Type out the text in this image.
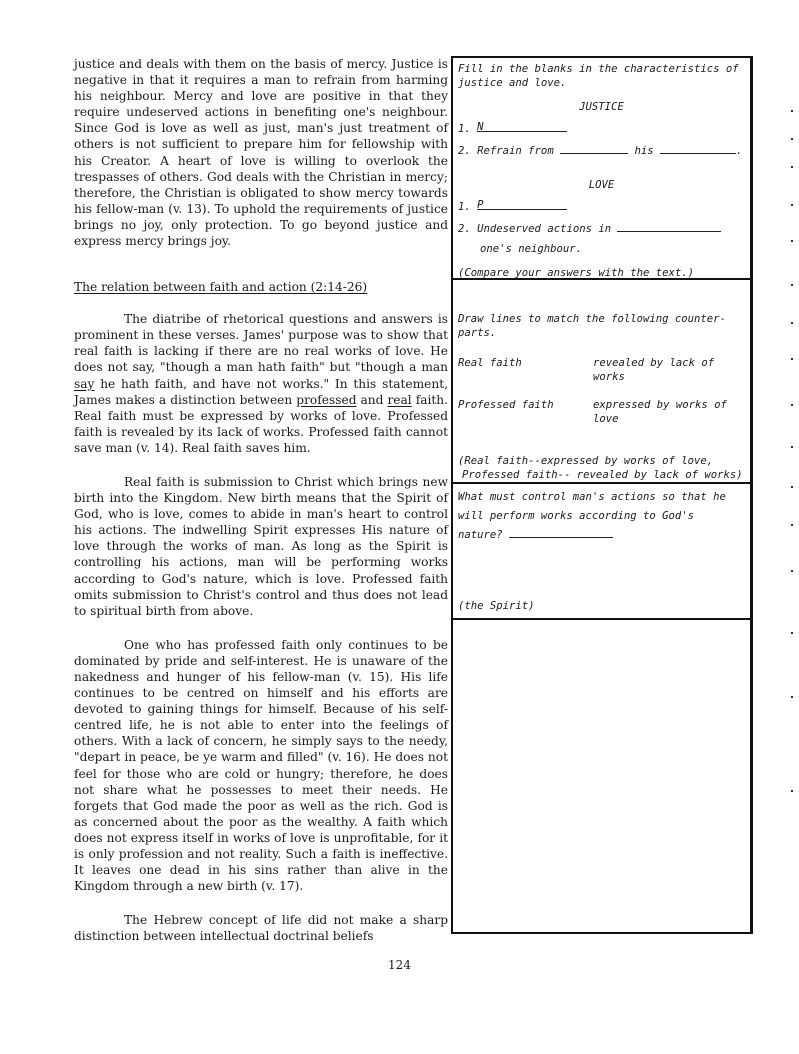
justice and deals with them on the basis of mercy. Justice is negative in that it requires a man to refrain from harming his neighbour. Mercy and love are positive in that they require undeserved actions in benefiting one's neighbour. Since God is love as well as just, man's just treatment of others is not sufficient to prepare him for fellowship with his Creator. A heart of love is willing to overlook the trespasses of others. God deals with the Christian in mercy; therefore, the Christian is obligated to show mercy towards his fellow-man (v. 13). To uphold the requirements of justice brings no joy, only protection. To go beyond justice and express mercy brings joy.

The relation between faith and action (2:14-26)

The diatribe of rhetorical questions and answers is prominent in these verses. James' purpose was to show that real faith is lacking if there are no real works of love. He does not say, "though a man hath faith" but "though a man say he hath faith, and have not works." In this statement, James makes a distinction between professed and real faith. Real faith must be expressed by works of love. Professed faith is revealed by its lack of works. Professed faith cannot save man (v. 14). Real faith saves him.

Real faith is submission to Christ which brings new birth into the Kingdom. New birth means that the Spirit of God, who is love, comes to abide in man's heart to control his actions. The indwelling Spirit expresses His nature of love through the works of man. As long as the Spirit is controlling his actions, man will be performing works according to God's nature, which is love. Professed faith omits submission to Christ's control and thus does not lead to spiritual birth from above.

One who has professed faith only continues to be dominated by pride and self-interest. He is unaware of the nakedness and hunger of his fellow-man (v. 15). His life continues to be centred on himself and his efforts are devoted to gaining things for himself. Because of his self-centred life, he is not able to enter into the feelings of others. With a lack of concern, he simply says to the needy, "depart in peace, be ye warm and filled" (v. 16). He does not feel for those who are cold or hungry; therefore, he does not share what he possesses to meet their needs. He forgets that God made the poor as well as the rich. God is as concerned about the poor as the wealthy. A faith which does not express itself in works of love is unprofitable, for it is only profession and not reality. Such a faith is ineffective. It leaves one dead in his sins rather than alive in the Kingdom through a new birth (v. 17).

The Hebrew concept of life did not make a sharp distinction between intellectual doctrinal beliefs

Fill in the blanks in the characteristics of justice and love.
JUSTICE
1. N
2. Refrain from	his	.
LOVE
1. P
2. Undeserved actions in
one's neighbour.
(Compare your answers with the text.)
Draw lines to match the following counter-parts.
Real faith	revealed by lack of works
Professed faith	expressed by works of love
(Real faith--expressed by works of love,
Professed faith-- revealed by lack of works)
What must control man's actions so that he
will perform works according to God's
nature?
(the Spirit)
124
